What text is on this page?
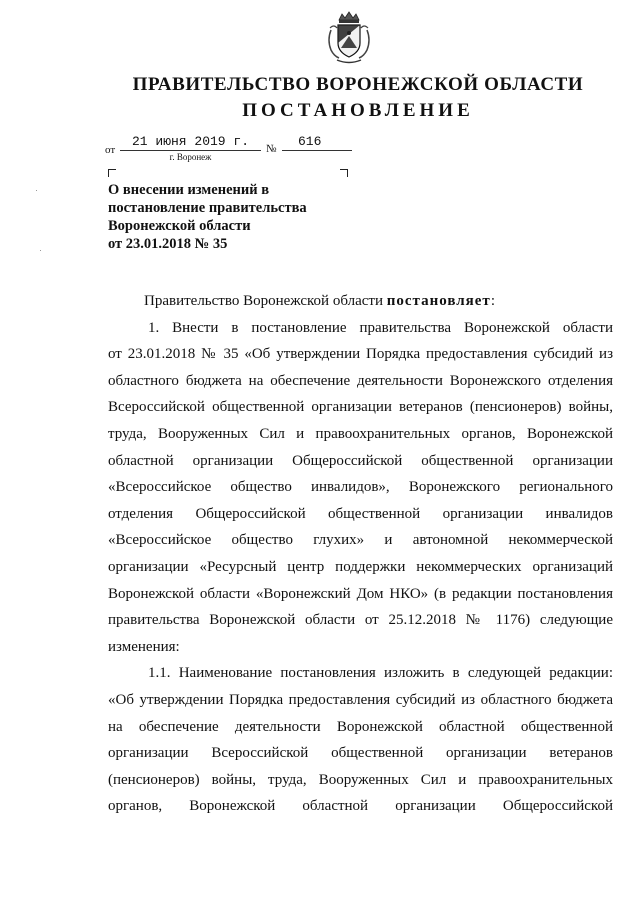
ПРАВИТЕЛЬСТВО ВОРОНЕЖСКОЙ ОБЛАСТИ
ПОСТАНОВЛЕНИЕ
от
21 июня 2019 г.
г. Воронеж
№	616
О внесении изменений в
постановление правительства
Воронежской области
от 23.01.2018 № 35
Правительство Воронежской области постановляет:
1. Внести в постановление правительства Воронежской области
от 23.01.2018 № 35 «Об утверждении Порядка предоставления субсидий из
областного бюджета на обеспечение деятельности Воронежского отделения
Всероссийской общественной организации ветеранов (пенсионеров) войны,
труда, Вооруженных Сил и правоохранительных органов, Воронежской
областной организации Общероссийской общественной организации
«Всероссийское общество инвалидов», Воронежского регионального
отделения Общероссийской общественной организации инвалидов
«Всероссийское общество глухих» и автономной некоммерческой
организации «Ресурсный центр поддержки некоммерческих организаций
Воронежской области «Воронежский Дом НКО» (в редакции постановления
правительства Воронежской области от 25.12.2018 № 1176) следующие
изменения:
1.1. Наименование постановления изложить в следующей редакции:
«Об утверждении Порядка предоставления субсидий из областного бюджета
на обеспечение деятельности Воронежской областной общественной
организации Всероссийской общественной организации ветеранов
(пенсионеров) войны, труда, Вооруженных Сил и правоохранительных
органов, Воронежской областной организации Общероссийской
